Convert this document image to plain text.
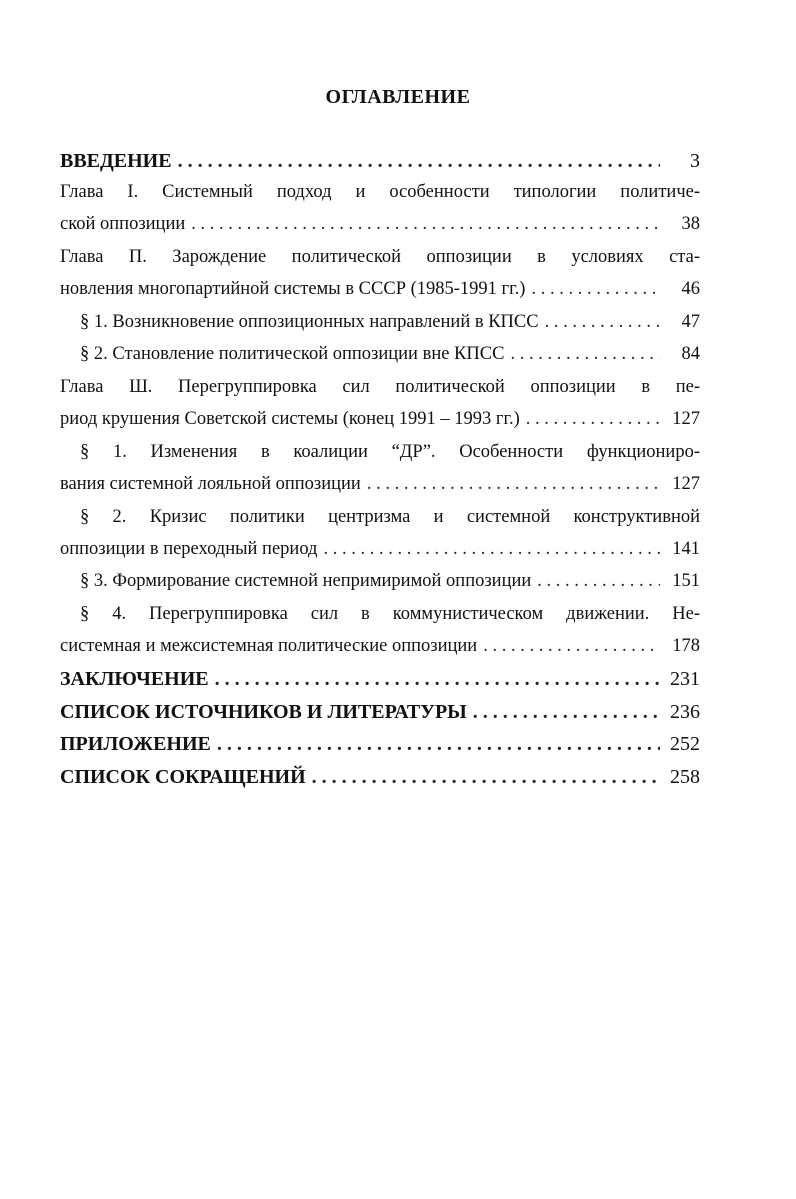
ОГЛАВЛЕНИЕ
ВВЕДЕНИЕ . . .	3
Глава I. Системный подход и особенности типологии политиче-
ской оппозиции . . .	38
Глава П. Зарождение политической оппозиции в условиях ста-
новления многопартийной системы в СССР (1985-1991 гг.) . . .	46
§ 1. Возникновение оппозиционных направлений в КПСС . . .	47
§ 2. Становление политической оппозиции вне КПСС . . .	84
Глава Ш. Перегруппировка сил политической оппозиции в пе-
риод крушения Советской системы (конец 1991 – 1993 гг.) . . .	127
§ 1. Изменения в коалиции “ДР”. Особенности функциониро-
вания системной лояльной оппозиции . . .	127
§ 2. Кризис политики центризма и системной конструктивной
оппозиции в переходный период . . .	141
§ 3. Формирование системной непримиримой оппозиции . . .	151
§ 4. Перегруппировка сил в коммунистическом движении. Не-
системная и межсистемная политические оппозиции . . .	178
ЗАКЛЮЧЕНИЕ . . .	231
СПИСОК ИСТОЧНИКОВ И ЛИТЕРАТУРЫ . . .	236
ПРИЛОЖЕНИЕ . . .	252
СПИСОК СОКРАЩЕНИЙ . . .	258
